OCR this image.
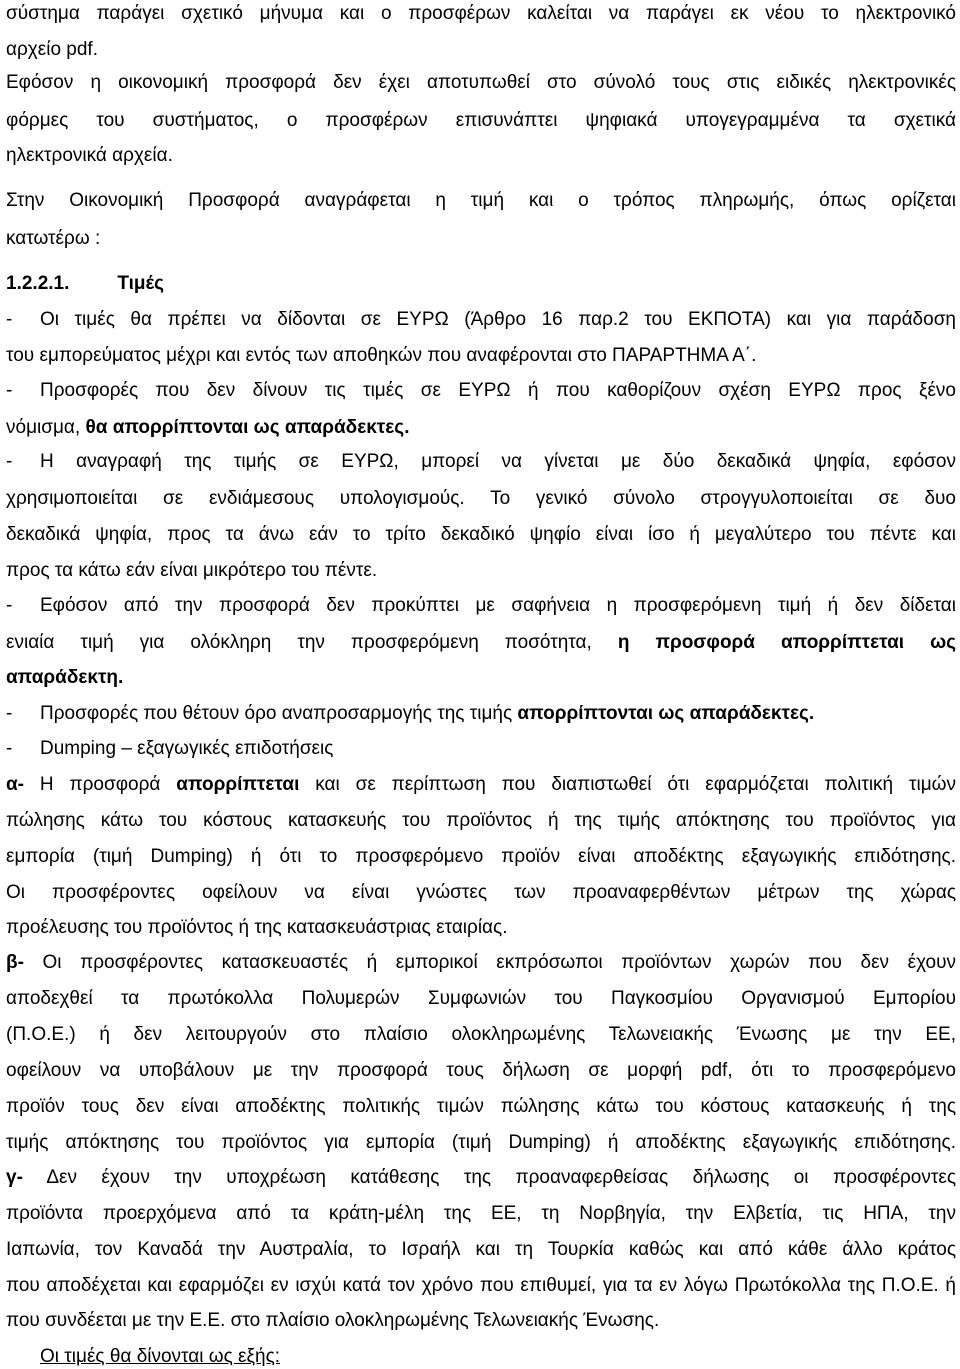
σύστημα παράγει σχετικό μήνυμα και ο προσφέρων καλείται να παράγει εκ νέου το ηλεκτρονικό
αρχείο pdf.
Εφόσον η οικονομική προσφορά δεν έχει αποτυπωθεί στο σύνολό τους στις ειδικές ηλεκτρονικές
φόρμες του συστήματος, ο προσφέρων επισυνάπτει ψηφιακά υπογεγραμμένα τα σχετικά
ηλεκτρονικά αρχεία.
Στην Οικονομική Προσφορά αναγράφεται η τιμή και ο τρόπος πληρωμής, όπως ορίζεται
κατωτέρω :
1.2.2.1.	Τιμές
- Οι τιμές θα πρέπει να δίδονται σε ΕΥΡΩ (Άρθρο 16 παρ.2 του ΕΚΠΟΤΑ) και για παράδοση
του εμπορεύματος μέχρι και εντός των αποθηκών που αναφέρονται στο ΠΑΡΑΡΤΗΜΑ Α΄.
- Προσφορές που δεν δίνουν τις τιμές σε ΕΥΡΩ ή που καθορίζουν σχέση ΕΥΡΩ προς ξένο
νόμισμα, θα απορρίπτονται ως απαράδεκτες.
- Η αναγραφή της τιμής σε ΕΥΡΩ, μπορεί να γίνεται με δύο δεκαδικά ψηφία, εφόσον
χρησιμοποιείται σε ενδιάμεσους υπολογισμούς. Το γενικό σύνολο στρογγυλοποιείται σε δυο
δεκαδικά ψηφία, προς τα άνω εάν το τρίτο δεκαδικό ψηφίο είναι ίσο ή μεγαλύτερο του πέντε και
προς τα κάτω εάν είναι μικρότερο του πέντε.
- Εφόσον από την προσφορά δεν προκύπτει με σαφήνεια η προσφερόμενη τιμή ή δεν δίδεται
ενιαία τιμή για ολόκληρη την προσφερόμενη ποσότητα, η προσφορά απορρίπτεται ως
απαράδεκτη.
- Προσφορές που θέτουν όρο αναπροσαρμογής της τιμής απορρίπτονται ως απαράδεκτες.
- Dumping – εξαγωγικές επιδοτήσεις
α- Η προσφορά απορρίπτεται και σε περίπτωση που διαπιστωθεί ότι εφαρμόζεται πολιτική τιμών
πώλησης κάτω του κόστους κατασκευής του προϊόντος ή της τιμής απόκτησης του προϊόντος για
εμπορία (τιμή Dumping) ή ότι το προσφερόμενο προϊόν είναι αποδέκτης εξαγωγικής επιδότησης.
Οι προσφέροντες οφείλουν να είναι γνώστες των προαναφερθέντων μέτρων της χώρας
προέλευσης του προϊόντος ή της κατασκευάστριας εταιρίας.
β- Οι προσφέροντες κατασκευαστές ή εμπορικοί εκπρόσωποι προϊόντων χωρών που δεν έχουν
αποδεχθεί τα πρωτόκολλα Πολυμερών Συμφωνιών του Παγκοσμίου Οργανισμού Εμπορίου
(Π.Ο.Ε.) ή δεν λειτουργούν στο πλαίσιο ολοκληρωμένης Τελωνειακής Ένωσης με την ΕΕ,
οφείλουν να υποβάλουν με την προσφορά τους δήλωση σε μορφή pdf, ότι το προσφερόμενο
προϊόν τους δεν είναι αποδέκτης πολιτικής τιμών πώλησης κάτω του κόστους κατασκευής ή της
τιμής απόκτησης του προϊόντος για εμπορία (τιμή Dumping) ή αποδέκτης εξαγωγικής επιδότησης.
γ- Δεν έχουν την υποχρέωση κατάθεσης της προαναφερθείσας δήλωσης οι προσφέροντες
προϊόντα προερχόμενα από τα κράτη-μέλη της ΕΕ, τη Νορβηγία, την Ελβετία, τις ΗΠΑ, την
Ιαπωνία, τον Καναδά την Αυστραλία, το Ισραήλ και τη Τουρκία καθώς και από κάθε άλλο κράτος
που αποδέχεται και εφαρμόζει εν ισχύι κατά τον χρόνο που επιθυμεί, για τα εν λόγω Πρωτόκολλα της Π.Ο.Ε. ή
που συνδέεται με την Ε.Ε. στο πλαίσιο ολοκληρωμένης Τελωνειακής Ένωσης.
Οι τιμές θα δίνονται ως εξής:
